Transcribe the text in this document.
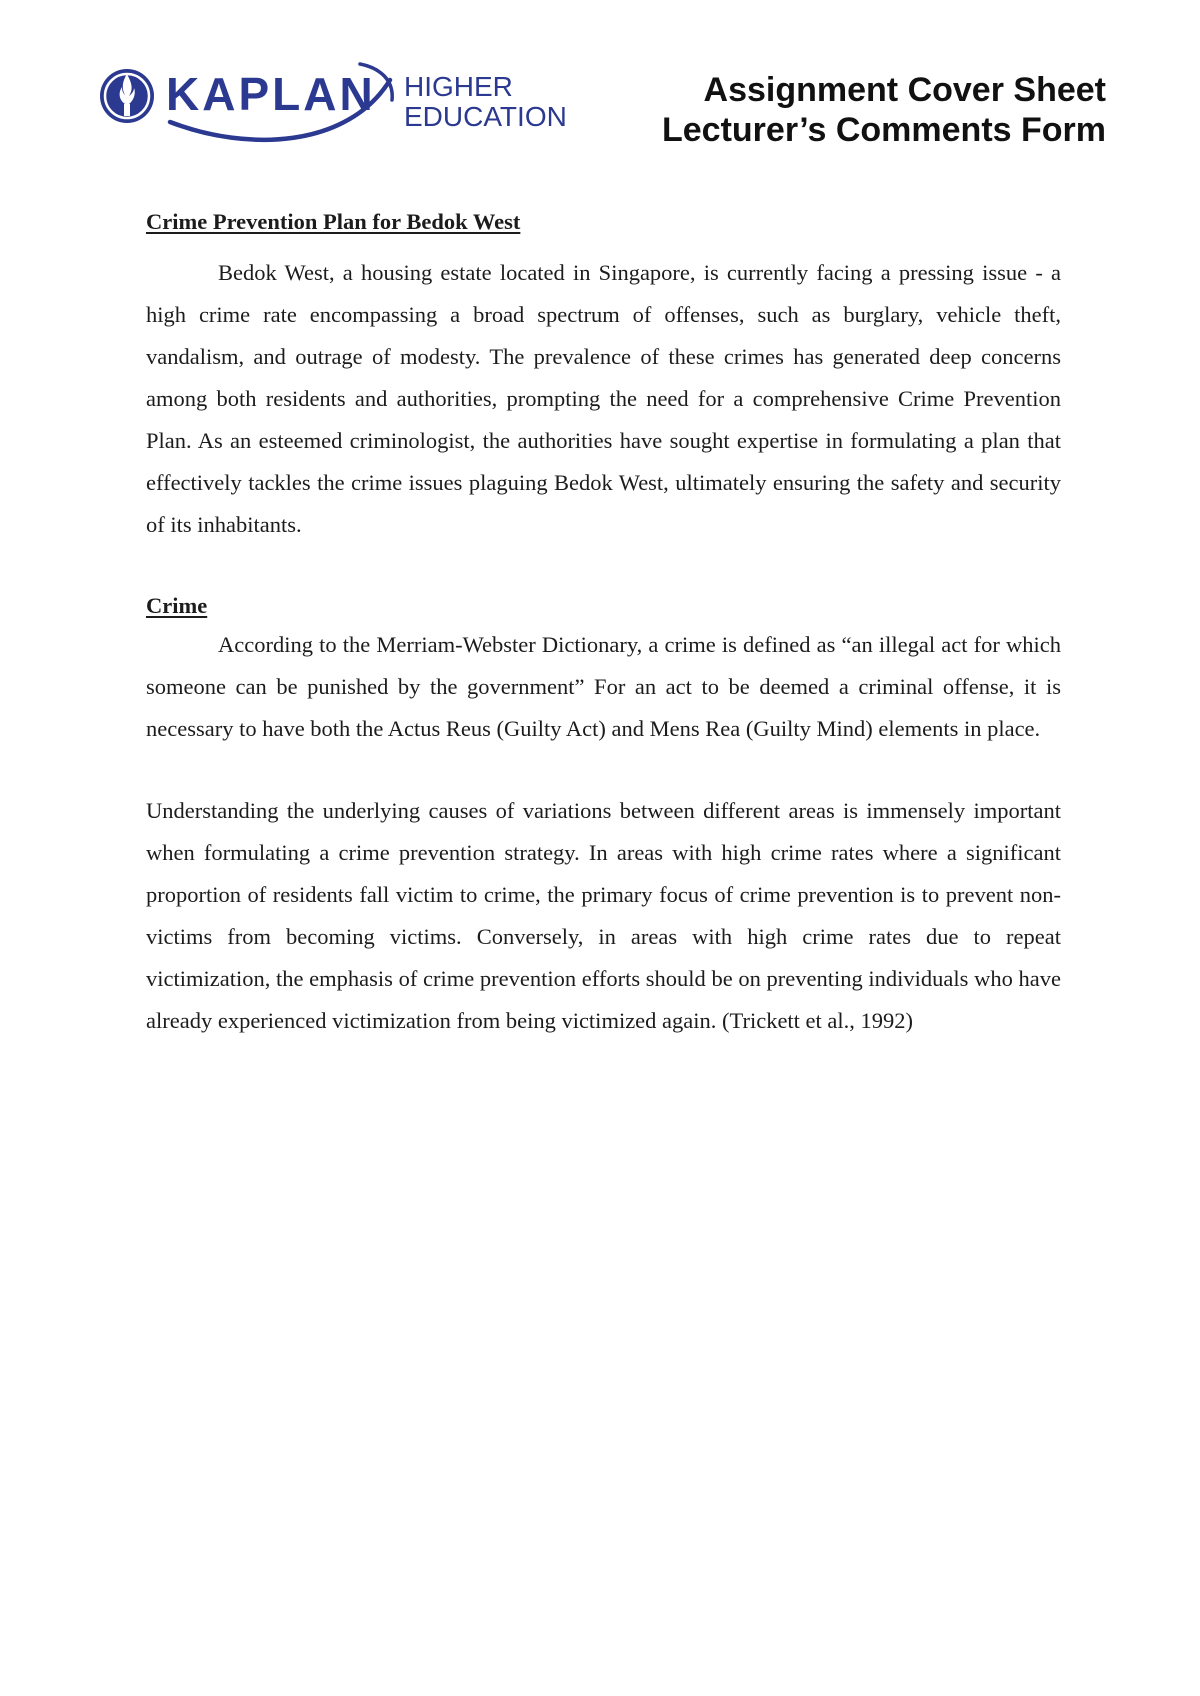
KAPLAN HIGHER
EDUCATION
Assignment Cover Sheet
Lecturer’s Comments Form

Crime Prevention Plan for Bedok West

Bedok West, a housing estate located in Singapore, is currently facing a pressing issue - a high crime rate encompassing a broad spectrum of offenses, such as burglary, vehicle theft, vandalism, and outrage of modesty. The prevalence of these crimes has generated deep concerns among both residents and authorities, prompting the need for a comprehensive Crime Prevention Plan. As an esteemed criminologist, the authorities have sought expertise in formulating a plan that effectively tackles the crime issues plaguing Bedok West, ultimately ensuring the safety and security of its inhabitants.

Crime

According to the Merriam-Webster Dictionary, a crime is defined as “an illegal act for which someone can be punished by the government” For an act to be deemed a criminal offense, it is necessary to have both the Actus Reus (Guilty Act) and Mens Rea (Guilty Mind) elements in place.

Understanding the underlying causes of variations between different areas is immensely important when formulating a crime prevention strategy. In areas with high crime rates where a significant proportion of residents fall victim to crime, the primary focus of crime prevention is to prevent non-victims from becoming victims. Conversely, in areas with high crime rates due to repeat victimization, the emphasis of crime prevention efforts should be on preventing individuals who have already experienced victimization from being victimized again. (Trickett et al., 1992)
